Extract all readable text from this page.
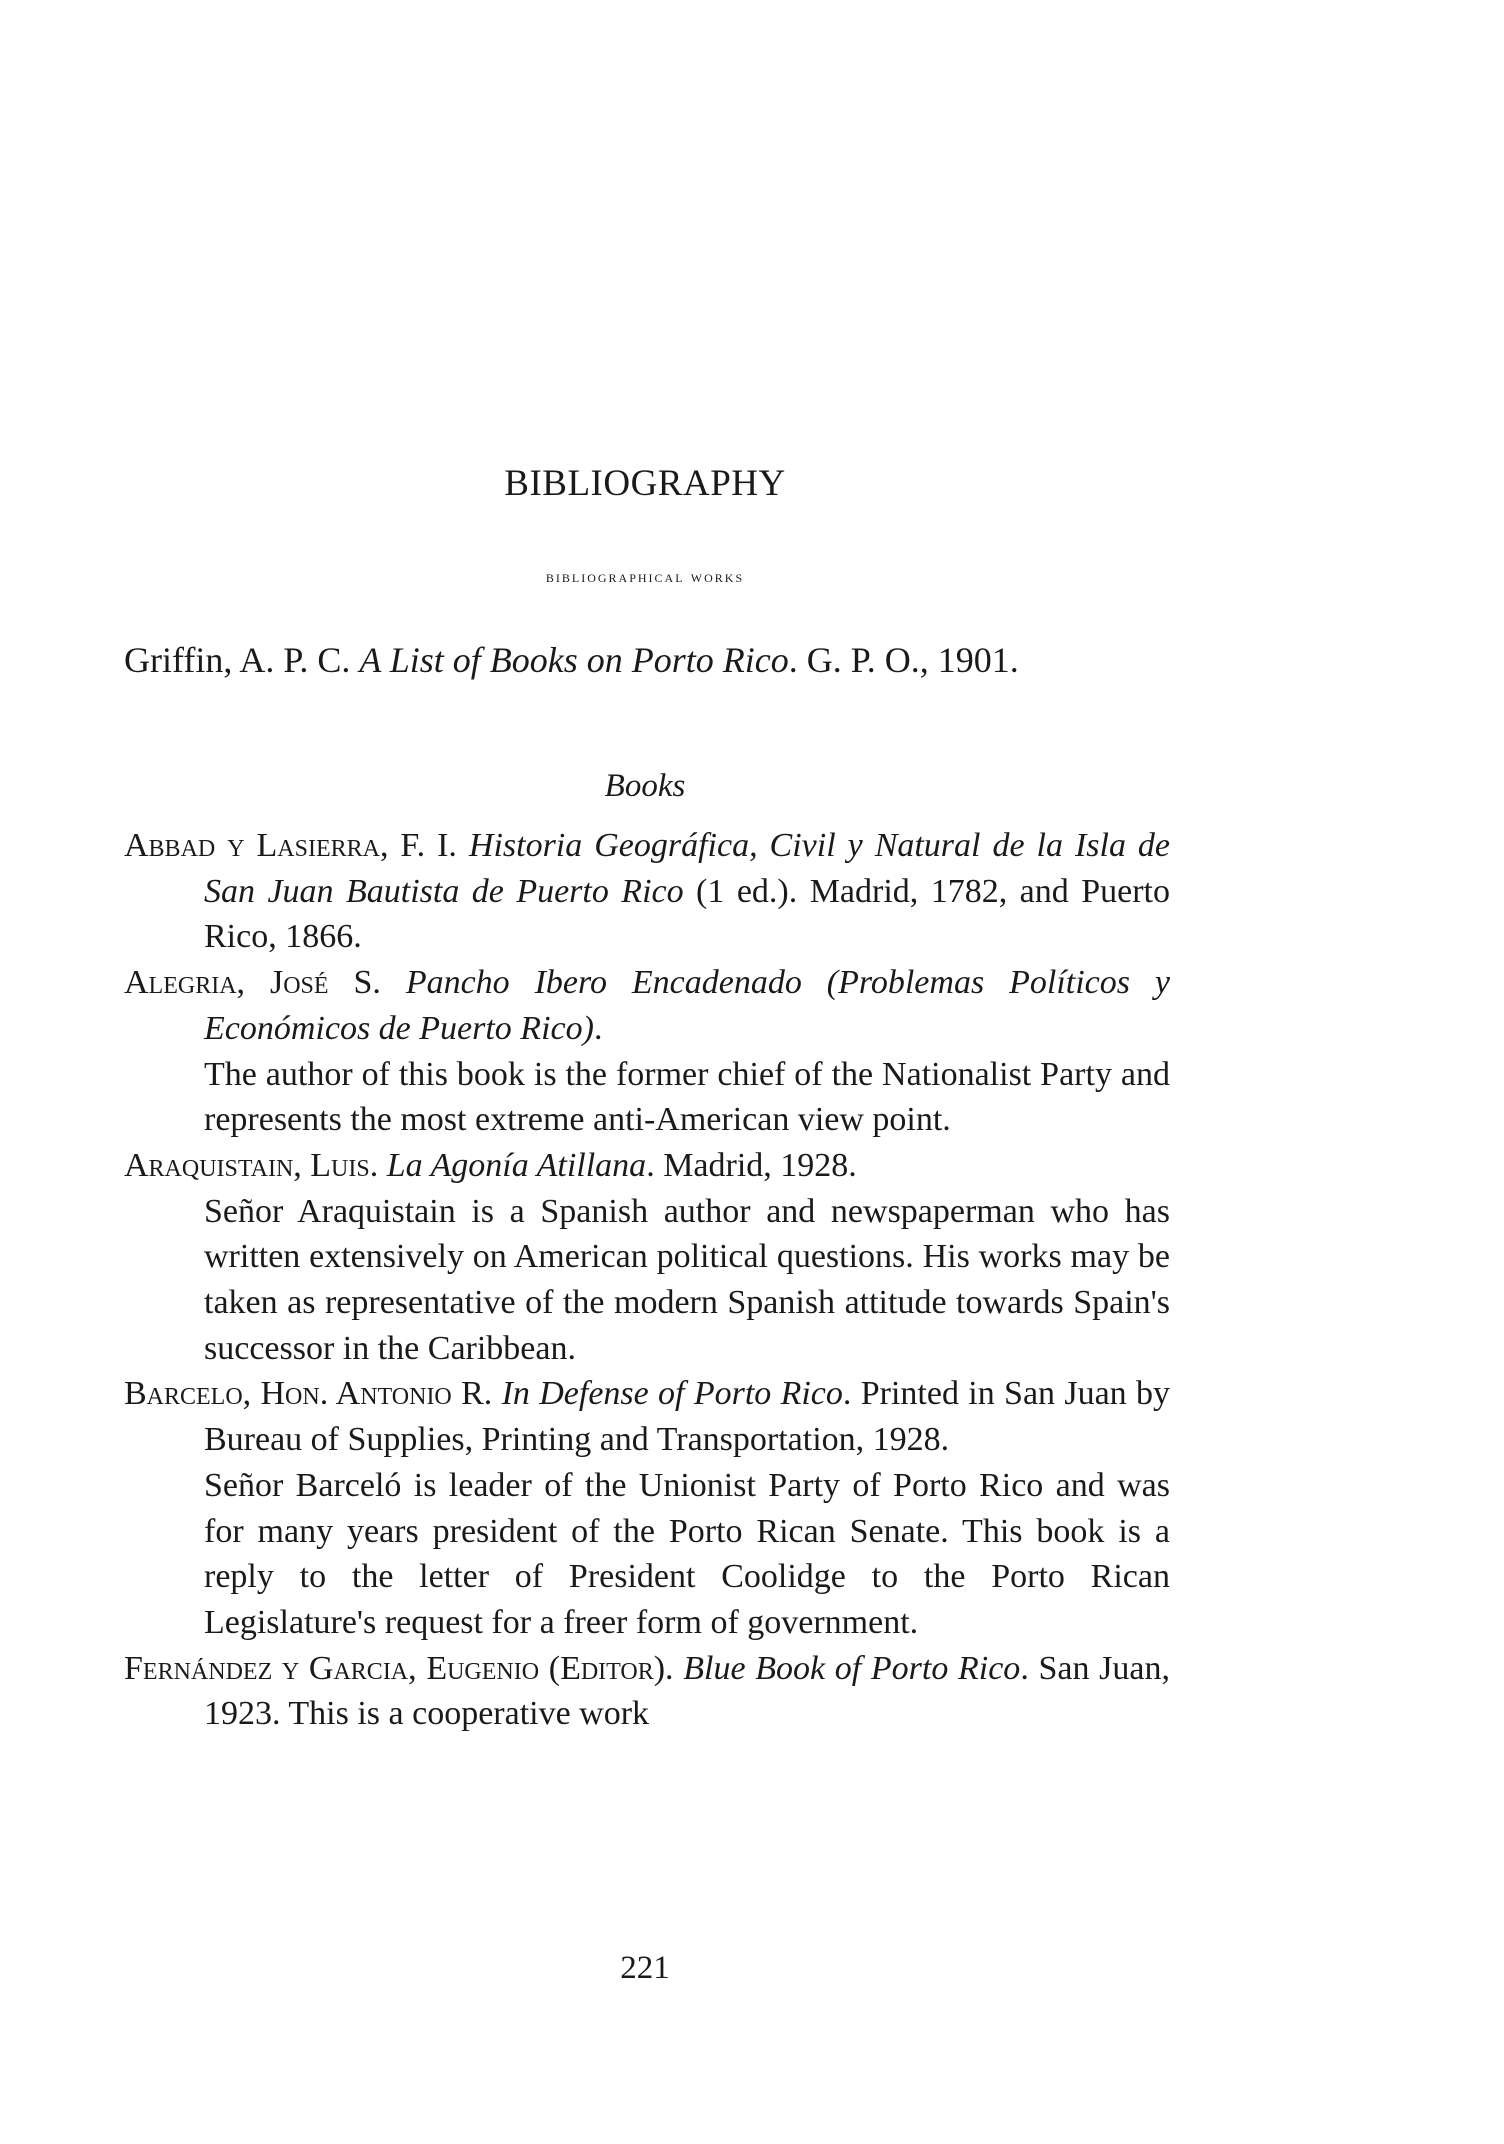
BIBLIOGRAPHY
bibliographical works
Griffin, A. P. C. A List of Books on Porto Rico. G. P. O., 1901.
Books
Abbad y Lasierra, F. I. Historia Geográfica, Civil y Natural de la Isla de San Juan Bautista de Puerto Rico (1 ed.). Madrid, 1782, and Puerto Rico, 1866.
Alegria, José S. Pancho Ibero Encadenado (Problemas Políticos y Económicos de Puerto Rico).
The author of this book is the former chief of the Nationalist Party and represents the most extreme anti-American view point.
Araquistain, Luis. La Agonía Atillana. Madrid, 1928.
Señor Araquistain is a Spanish author and newspaperman who has written extensively on American political questions. His works may be taken as representative of the modern Spanish attitude towards Spain's successor in the Caribbean.
Barcelo, Hon. Antonio R. In Defense of Porto Rico. Printed in San Juan by Bureau of Supplies, Printing and Transportation, 1928.
Señor Barceló is leader of the Unionist Party of Porto Rico and was for many years president of the Porto Rican Senate. This book is a reply to the letter of President Coolidge to the Porto Rican Legislature's request for a freer form of government.
Fernández y Garcia, Eugenio (Editor). Blue Book of Porto Rico. San Juan, 1923. This is a cooperative work
221
